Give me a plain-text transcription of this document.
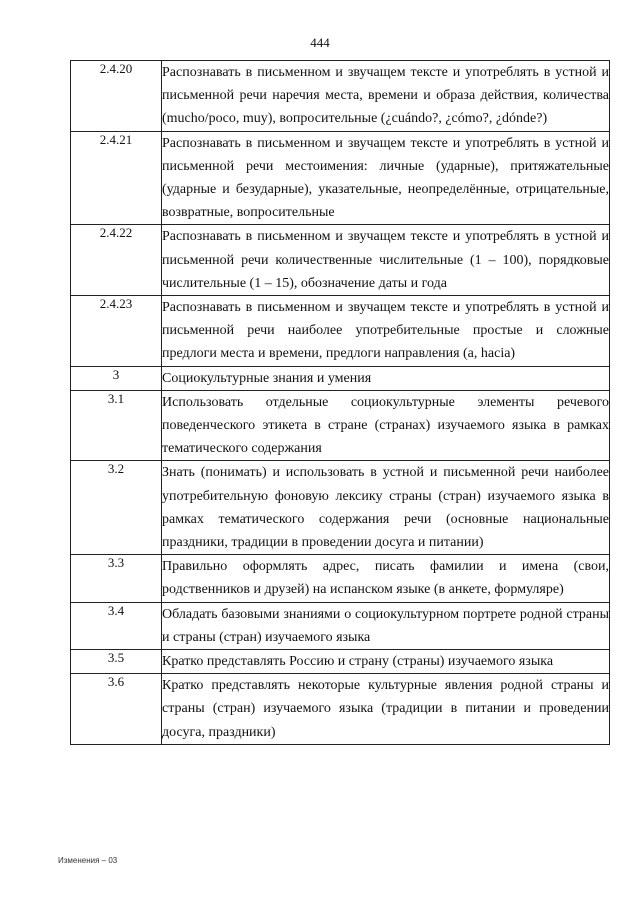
444
2.4.20	Распознавать в письменном и звучащем тексте и употреблять в устной и письменной речи наречия места, времени и образа действия, количества (mucho/poco, muy), вопросительные (¿cuándo?, ¿cómo?, ¿dónde?)
2.4.21	Распознавать в письменном и звучащем тексте и употреблять в устной и письменной речи местоимения: личные (ударные), притяжательные (ударные и безударные), указательные, неопределённые, отрицательные, возвратные, вопросительные
2.4.22	Распознавать в письменном и звучащем тексте и употреблять в устной и письменной речи количественные числительные (1 – 100), порядковые числительные (1 – 15), обозначение даты и года
2.4.23	Распознавать в письменном и звучащем тексте и употреблять в устной и письменной речи наиболее употребительные простые и сложные предлоги места и времени, предлоги направления (a, hacia)
3	Социокультурные знания и умения
3.1	Использовать отдельные социокультурные элементы речевого поведенческого этикета в стране (странах) изучаемого языка в рамках тематического содержания
3.2	Знать (понимать) и использовать в устной и письменной речи наиболее употребительную фоновую лексику страны (стран) изучаемого языка в рамках тематического содержания речи (основные национальные праздники, традиции в проведении досуга и питании)
3.3	Правильно оформлять адрес, писать фамилии и имена (свои, родственников и друзей) на испанском языке (в анкете, формуляре)
3.4	Обладать базовыми знаниями о социокультурном портрете родной страны и страны (стран) изучаемого языка
3.5	Кратко представлять Россию и страну (страны) изучаемого языка
3.6	Кратко представлять некоторые культурные явления родной страны и страны (стран) изучаемого языка (традиции в питании и проведении досуга, праздники)
Изменения – 03
